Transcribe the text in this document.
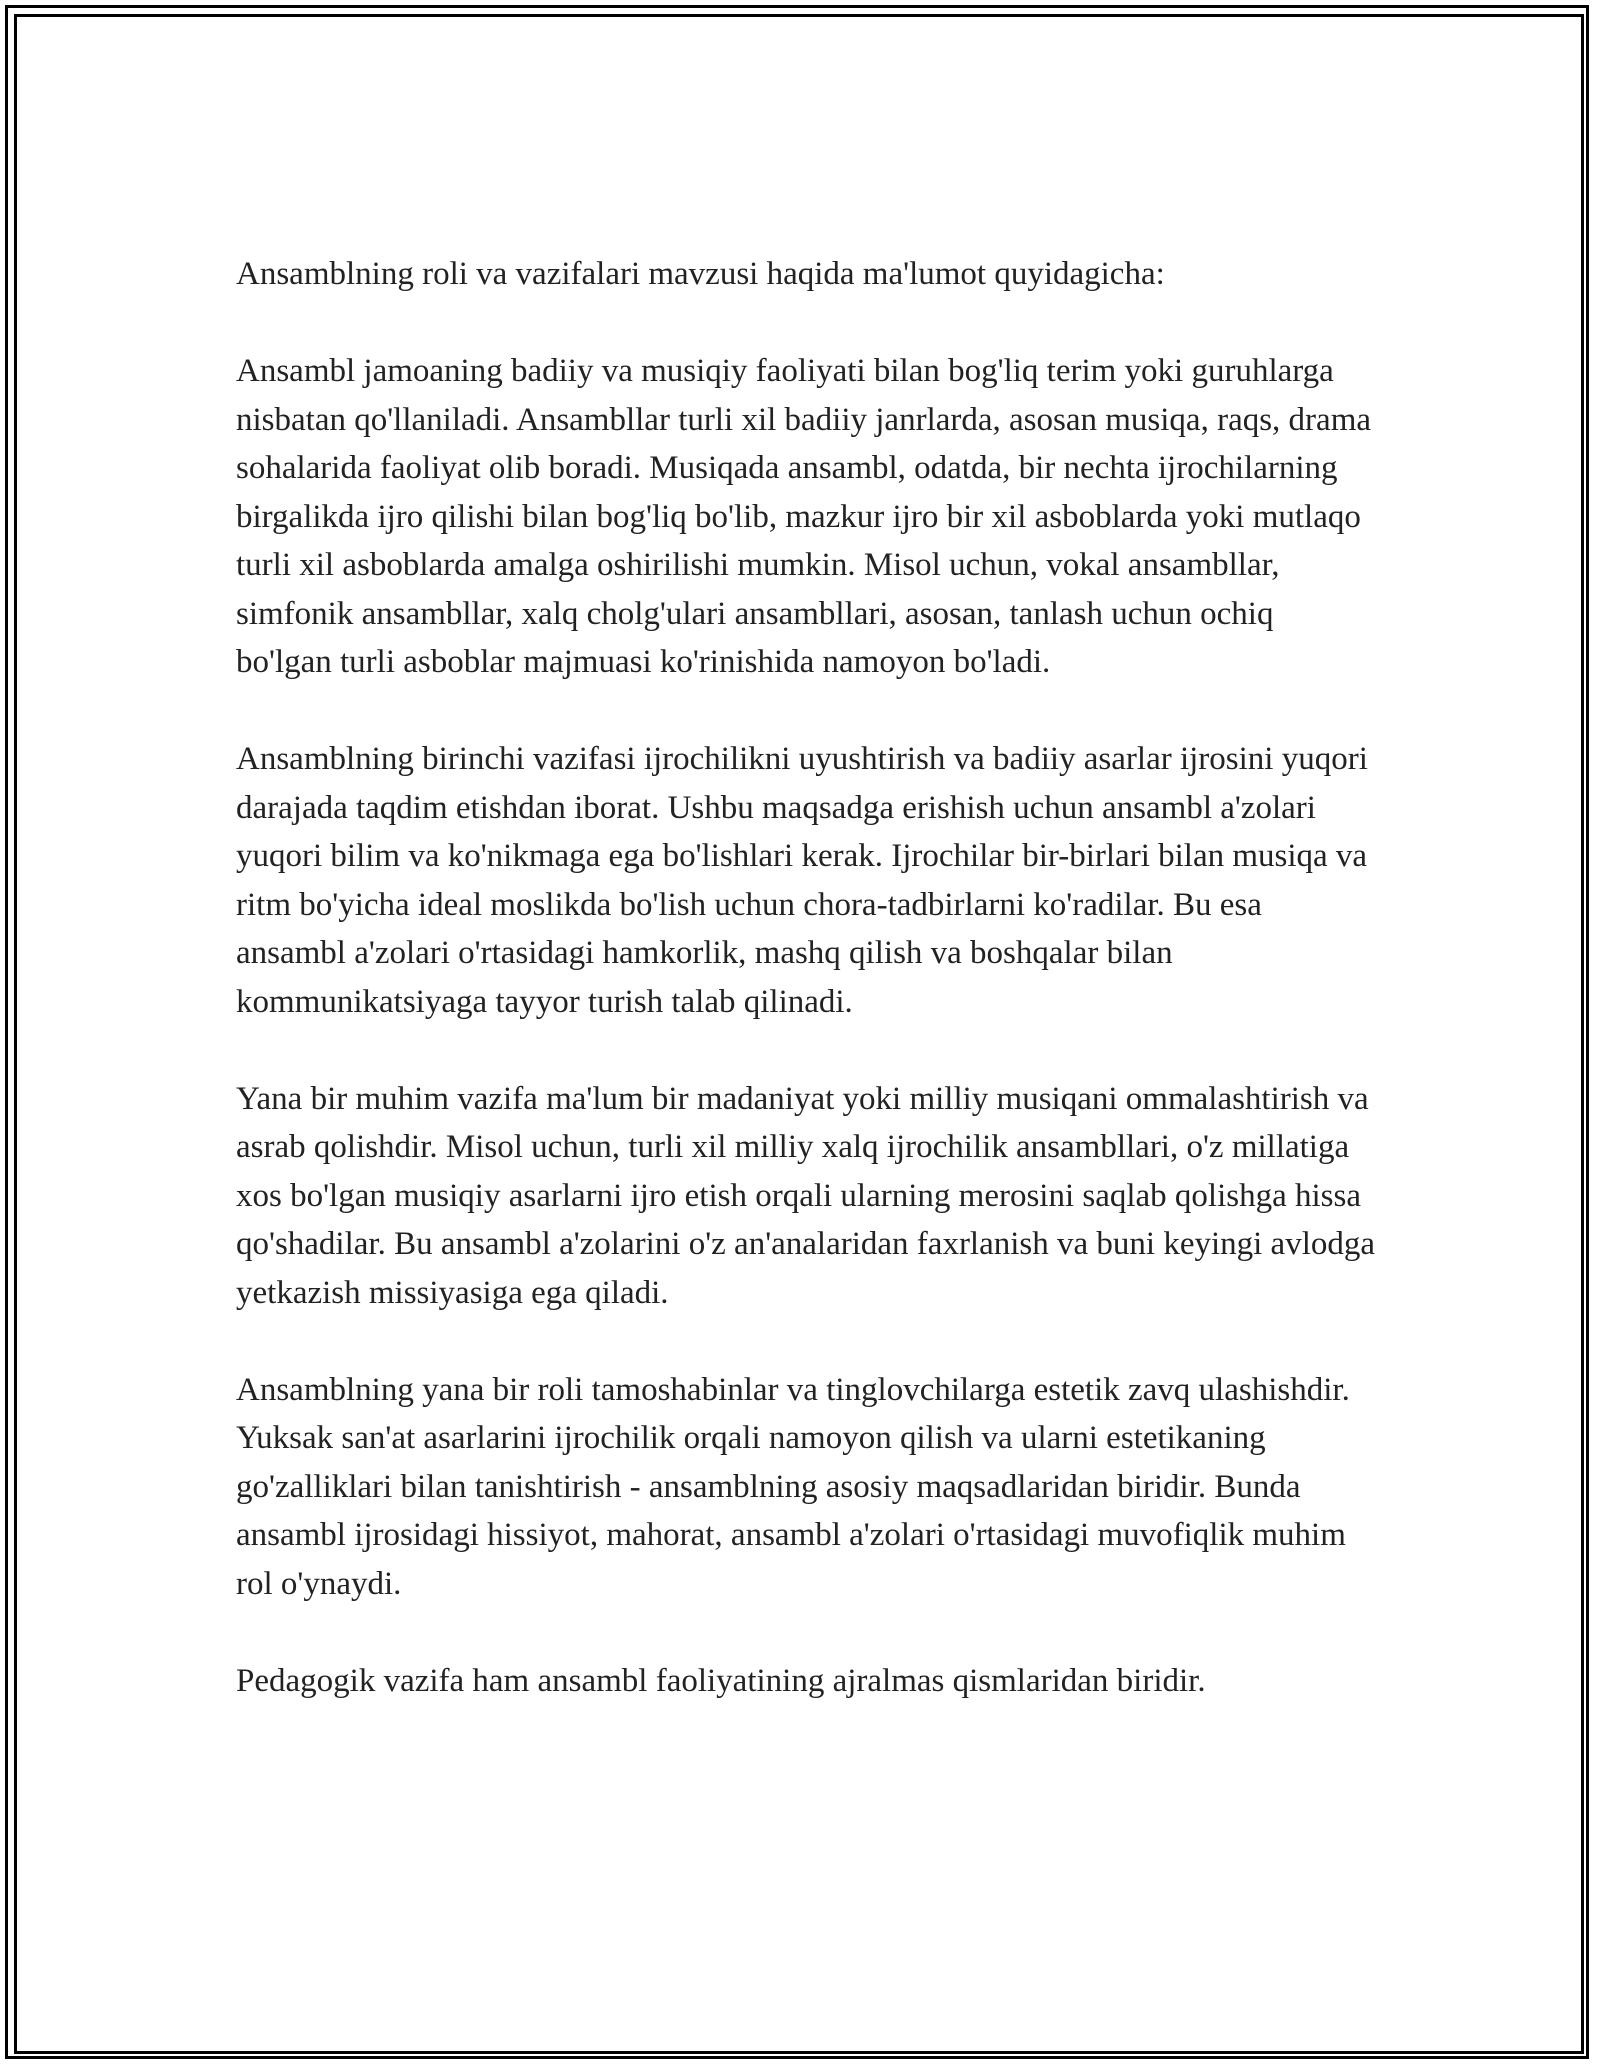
Ansamblning roli va vazifalari mavzusi haqida ma'lumot quyidagicha:

Ansambl jamoaning badiiy va musiqiy faoliyati bilan bog'liq terim yoki guruhlarga nisbatan qo'llaniladi. Ansambllar turli xil badiiy janrlarda, asosan musiqa, raqs, drama sohalarida faoliyat olib boradi. Musiqada ansambl, odatda, bir nechta ijrochilarning birgalikda ijro qilishi bilan bog'liq bo'lib, mazkur ijro bir xil asboblarda yoki mutlaqo turli xil asboblarda amalga oshirilishi mumkin. Misol uchun, vokal ansambllar, simfonik ansambllar, xalq cholg'ulari ansambllari, asosan, tanlash uchun ochiq bo'lgan turli asboblar majmuasi ko'rinishida namoyon bo'ladi.

Ansamblning birinchi vazifasi ijrochilikni uyushtirish va badiiy asarlar ijrosini yuqori darajada taqdim etishdan iborat. Ushbu maqsadga erishish uchun ansambl a'zolari yuqori bilim va ko'nikmaga ega bo'lishlari kerak. Ijrochilar bir-birlari bilan musiqa va ritm bo'yicha ideal moslikda bo'lish uchun chora-tadbirlarni ko'radilar. Bu esa ansambl a'zolari o'rtasidagi hamkorlik, mashq qilish va boshqalar bilan kommunikatsiyaga tayyor turish talab qilinadi.

Yana bir muhim vazifa ma'lum bir madaniyat yoki milliy musiqani ommalashtirish va asrab qolishdir. Misol uchun, turli xil milliy xalq ijrochilik ansambllari, o'z millatiga xos bo'lgan musiqiy asarlarni ijro etish orqali ularning merosini saqlab qolishga hissa qo'shadilar. Bu ansambl a'zolarini o'z an'analaridan faxrlanish va buni keyingi avlodga yetkazish missiyasiga ega qiladi.

Ansamblning yana bir roli tamoshabinlar va tinglovchilarga estetik zavq ulashishdir. Yuksak san'at asarlarini ijrochilik orqali namoyon qilish va ularni estetikaning go'zalliklari bilan tanishtirish - ansamblning asosiy maqsadlaridan biridir. Bunda ansambl ijrosidagi hissiyot, mahorat, ansambl a'zolari o'rtasidagi muvofiqlik muhim rol o'ynaydi.

Pedagogik vazifa ham ansambl faoliyatining ajralmas qismlaridan biridir.
